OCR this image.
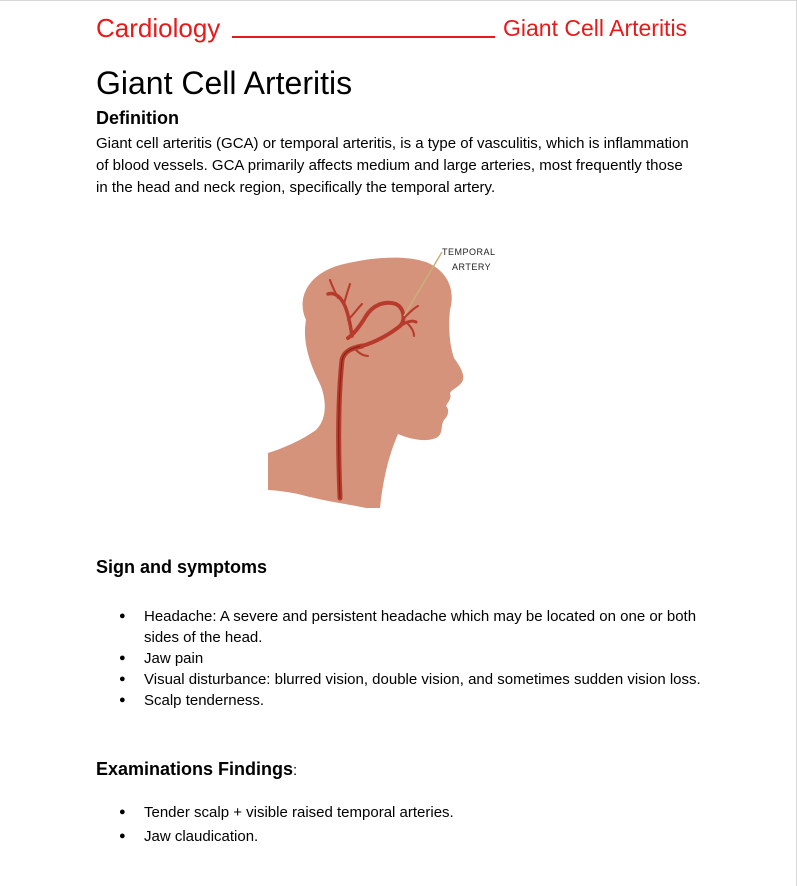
Cardiology	Giant Cell Arteritis
Giant Cell Arteritis
Definition

Giant cell arteritis (GCA) or temporal arteritis, is a type of vasculitis, which is inflammation of blood vessels. GCA primarily affects medium and large arteries, most frequently those in the head and neck region, specifically the temporal artery.

TEMPORAL
ARTERY
Sign and symptoms
● Headache: A severe and persistent headache which may be located on one or both sides of the head.
● Jaw pain
● Visual disturbance: blurred vision, double vision, and sometimes sudden vision loss.
● Scalp tenderness.
Examinations Findings:
● Tender scalp + visible raised temporal arteries.
● Jaw claudication.
